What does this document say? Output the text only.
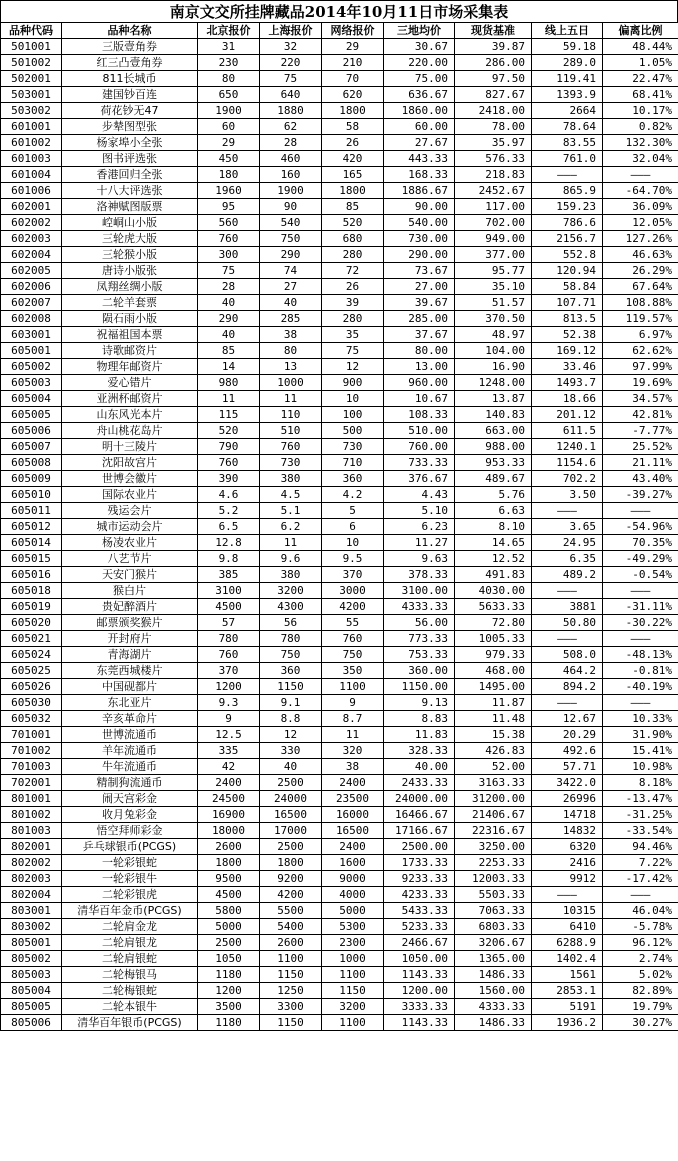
南京文交所挂牌藏品2014年10月11日市场采集表
品种代码	品种名称	北京报价	上海报价	网络报价	三地均价	现货基准	线上五日	偏离比例
501001	三版壹角券	31	32	29	30.67	39.87	59.18	48.44%
501002	红三凸壹角券	230	220	210	220.00	286.00	289.0	1.05%
502001	811长城币	80	75	70	75.00	97.50	119.41	22.47%
503001	建国钞百连	650	640	620	636.67	827.67	1393.9	68.41%
503002	荷花钞无47	1900	1880	1800	1860.00	2418.00	2664	10.17%
601001	步辇图型张	60	62	58	60.00	78.00	78.64	0.82%
601002	杨家埠小全张	29	28	26	27.67	35.97	83.55	132.30%
601003	图书评选张	450	460	420	443.33	576.33	761.0	32.04%
601004	香港回归全张	180	160	165	168.33	218.83	———	———
601006	十八大评选张	1960	1900	1800	1886.67	2452.67	865.9	-64.70%
602001	洛神赋图版票	95	90	85	90.00	117.00	159.23	36.09%
602002	崆峒山小版	560	540	520	540.00	702.00	786.6	12.05%
602003	三轮虎大版	760	750	680	730.00	949.00	2156.7	127.26%
602004	三轮猴小版	300	290	280	290.00	377.00	552.8	46.63%
602005	唐诗小版张	75	74	72	73.67	95.77	120.94	26.29%
602006	凤翔丝绸小版	28	27	26	27.00	35.10	58.84	67.64%
602007	二轮羊套票	40	40	39	39.67	51.57	107.71	108.88%
602008	陨石雨小版	290	285	280	285.00	370.50	813.5	119.57%
603001	祝福祖国本票	40	38	35	37.67	48.97	52.38	6.97%
605001	诗歌邮资片	85	80	75	80.00	104.00	169.12	62.62%
605002	物理年邮资片	14	13	12	13.00	16.90	33.46	97.99%
605003	爱心错片	980	1000	900	960.00	1248.00	1493.7	19.69%
605004	亚洲杯邮资片	11	11	10	10.67	13.87	18.66	34.57%
605005	山东风光本片	115	110	100	108.33	140.83	201.12	42.81%
605006	舟山桃花岛片	520	510	500	510.00	663.00	611.5	-7.77%
605007	明十三陵片	790	760	730	760.00	988.00	1240.1	25.52%
605008	沈阳故宫片	760	730	710	733.33	953.33	1154.6	21.11%
605009	世博会徽片	390	380	360	376.67	489.67	702.2	43.40%
605010	国际农业片	4.6	4.5	4.2	4.43	5.76	3.50	-39.27%
605011	残运会片	5.2	5.1	5	5.10	6.63	———	———
605012	城市运动会片	6.5	6.2	6	6.23	8.10	3.65	-54.96%
605014	杨凌农业片	12.8	11	10	11.27	14.65	24.95	70.35%
605015	八艺节片	9.8	9.6	9.5	9.63	12.52	6.35	-49.29%
605016	天安门猴片	385	380	370	378.33	491.83	489.2	-0.54%
605018	猴白片	3100	3200	3000	3100.00	4030.00	———	———
605019	贵妃醉酒片	4500	4300	4200	4333.33	5633.33	3881	-31.11%
605020	邮票颁奖猴片	57	56	55	56.00	72.80	50.80	-30.22%
605021	开封府片	780	780	760	773.33	1005.33	———	———
605024	青海湖片	760	750	750	753.33	979.33	508.0	-48.13%
605025	东莞西城楼片	370	360	350	360.00	468.00	464.2	-0.81%
605026	中国砚都片	1200	1150	1100	1150.00	1495.00	894.2	-40.19%
605030	东北亚片	9.3	9.1	9	9.13	11.87	———	———
605032	辛亥革命片	9	8.8	8.7	8.83	11.48	12.67	10.33%
701001	世博流通币	12.5	12	11	11.83	15.38	20.29	31.90%
701002	羊年流通币	335	330	320	328.33	426.83	492.6	15.41%
701003	牛年流通币	42	40	38	40.00	52.00	57.71	10.98%
702001	精制狗流通币	2400	2500	2400	2433.33	3163.33	3422.0	8.18%
801001	闹天宫彩金	24500	24000	23500	24000.00	31200.00	26996	-13.47%
801002	收月兔彩金	16900	16500	16000	16466.67	21406.67	14718	-31.25%
801003	悟空拜师彩金	18000	17000	16500	17166.67	22316.67	14832	-33.54%
802001	乒乓球银币(PCGS)	2600	2500	2400	2500.00	3250.00	6320	94.46%
802002	一轮彩银蛇	1800	1800	1600	1733.33	2253.33	2416	7.22%
802003	一轮彩银牛	9500	9200	9000	9233.33	12003.33	9912	-17.42%
802004	二轮彩银虎	4500	4200	4000	4233.33	5503.33	———	———
803001	清华百年金币(PCGS)	5800	5500	5000	5433.33	7063.33	10315	46.04%
803002	二轮肩金龙	5000	5400	5300	5233.33	6803.33	6410	-5.78%
805001	二轮肩银龙	2500	2600	2300	2466.67	3206.67	6288.9	96.12%
805002	二轮肩银蛇	1050	1100	1000	1050.00	1365.00	1402.4	2.74%
805003	二轮梅银马	1180	1150	1100	1143.33	1486.33	1561	5.02%
805004	二轮梅银蛇	1200	1250	1150	1200.00	1560.00	2853.1	82.89%
805005	二轮本银牛	3500	3300	3200	3333.33	4333.33	5191	19.79%
805006	清华百年银币(PCGS)	1180	1150	1100	1143.33	1486.33	1936.2	30.27%
